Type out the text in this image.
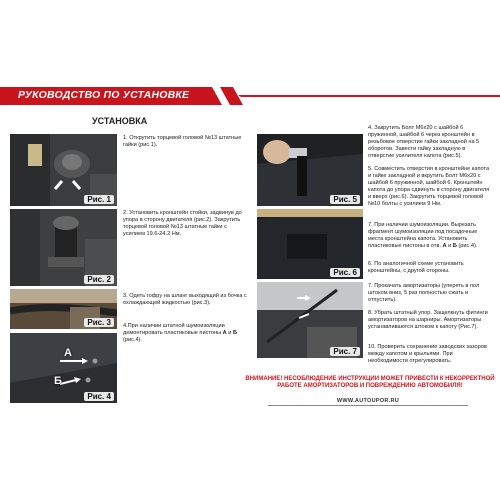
РУКОВОДСТВО ПО УСТАНОВКЕ
УСТАНОВКА
Рис. 1
Рис. 2
Рис. 3
А
Б
Рис. 4
1. Открутить торцевой головой №13 штатные гайки (рис.1).
2. Установить кронштейн стойки, задвинув до упора в сторону двигателя (рис.2). Закрутить торцевой головой №13 штатные гайки с усилием 19.6-24.2 Нм.
3. Одеть гофру на шланг выходящий из бочка с охлаждающей жидкостью (рис.3).
4.При наличии штатной шумоизоляции демонтировать пластиковые пистоны А и Б (рис.4).
Рис. 5
Рис. 6
Рис. 7
4. Закрутить Болт М6х20 с шайбой 6 пружинной, шайбой 6 через кронштейн в резьбовое отверстие гайки закладной на 5 оборотов. Завести гайку закладную в отверстие усилителя капота (рис.5).
5. Совместить отверстия в кронштейне капота и гайке закладной и вкрутить Болт М6х20 с шайбой 6 пружинной, шайбой 6. Кронштейн капота до упора сдвинуть в сторону двигателя и вверх (рис.6). Закрутить торцевой головой №10 болты с усилием 9 Нм.
7. При наличии шумоизоляции. Вырезать фрагмент шумоизоляции под посадочные места кронштейна капота. Установить пластиковые пистоны в отв. А и Б (рис.4).
6. По аналогичной схеме установить кронштейны, с другой стороны.
7. Прокачать амортизаторы (упереть в пол штоком вниз, 5 раз полностью сжать и отпустить).
8. Убрать штатный упор. Защелкнуть фитинги амортизаторов на шарниры. Амортизаторы устанавливаются штоком к капоту (Рис.7).
10. Проверить сохранение заводских зазоров между капотом и крыльями. При необходимости отрегулировать.
ВНИМАНИЕ! НЕСОБЛЮДЕНИЕ ИНСТРУКЦИИ МОЖЕТ ПРИВЕСТИ К НЕКОРРЕКТНОЙ РАБОТЕ АМОРТИЗАТОРОВ И ПОВРЕЖДЕНИЮ АВТОМОБИЛЯ!
WWW.AUTOUPOR.RU
